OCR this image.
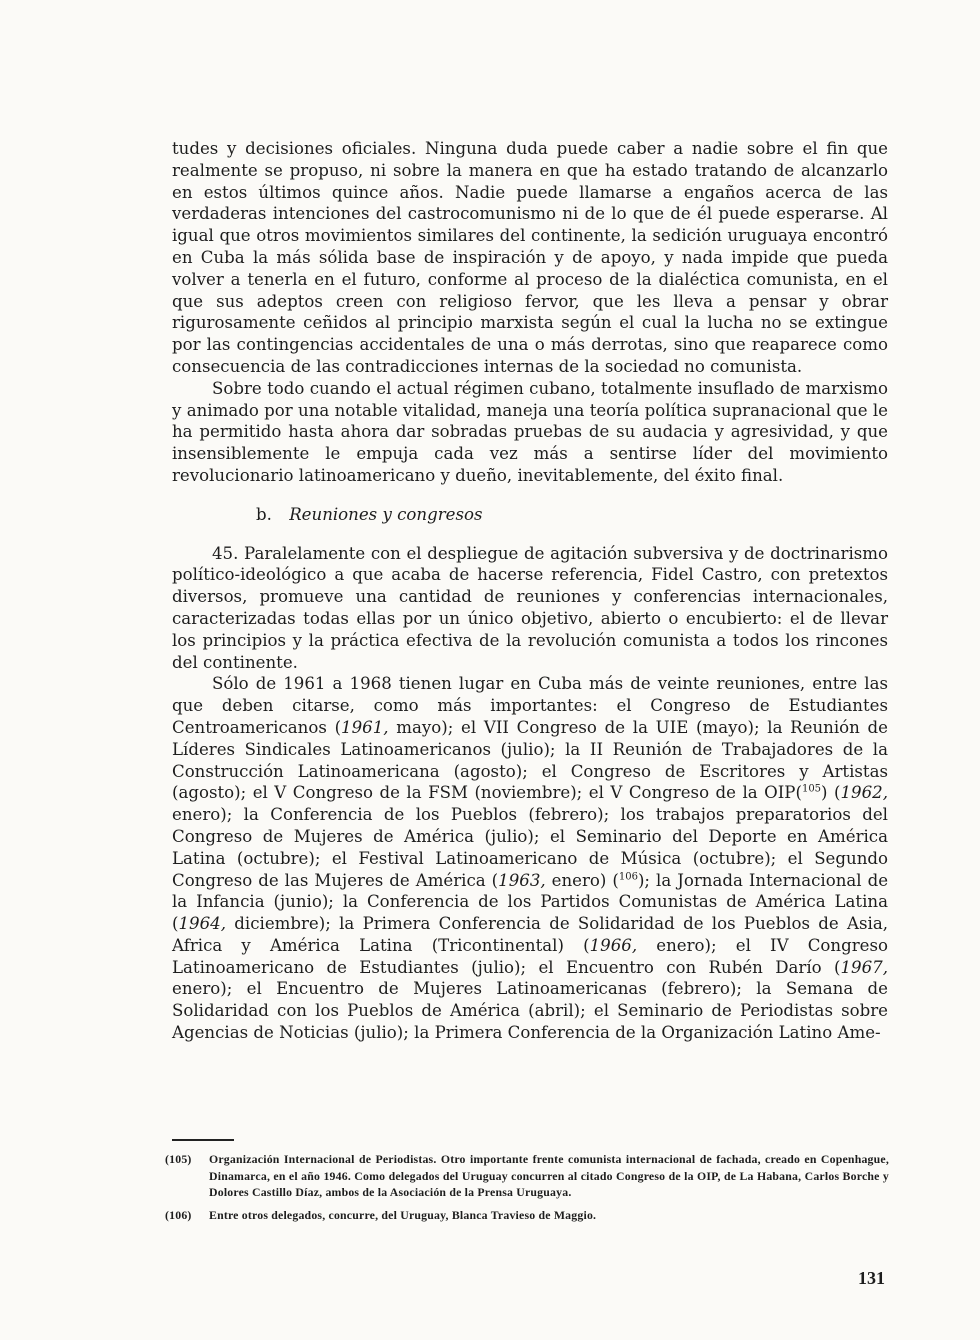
tudes y decisiones oficiales. Ninguna duda puede caber a nadie sobre el fin que realmente se propuso, ni sobre la manera en que ha estado tratando de alcanzarlo en estos últimos quince años. Nadie puede llamarse a engaños acerca de las verdaderas intenciones del castrocomunismo ni de lo que de él puede esperarse. Al igual que otros movimientos similares del continente, la sedición uruguaya encontró en Cuba la más sólida base de inspiración y de apoyo, y nada impide que pueda volver a tenerla en el futuro, conforme al proceso de la dialéctica comunista, en el que sus adeptos creen con religioso fervor, que les lleva a pensar y obrar rigurosamente ceñidos al principio marxista según el cual la lucha no se extingue por las contingencias accidentales de una o más derrotas, sino que reaparece como consecuencia de las contradicciones internas de la sociedad no comunista.

Sobre todo cuando el actual régimen cubano, totalmente insuflado de marxismo y animado por una notable vitalidad, maneja una teoría política supranacional que le ha permitido hasta ahora dar sobradas pruebas de su audacia y agresividad, y que insensiblemente le empuja cada vez más a sentirse líder del movimiento revolucionario latinoamericano y dueño, inevitablemente, del éxito final.

b. Reuniones y congresos

45. Paralelamente con el despliegue de agitación subversiva y de doctrinarismo político-ideológico a que acaba de hacerse referencia, Fidel Castro, con pretextos diversos, promueve una cantidad de reuniones y conferencias internacionales, caracterizadas todas ellas por un único objetivo, abierto o encubierto: el de llevar los principios y la práctica efectiva de la revolución comunista a todos los rincones del continente.

Sólo de 1961 a 1968 tienen lugar en Cuba más de veinte reuniones, entre las que deben citarse, como más importantes: el Congreso de Estudiantes Centroamericanos (1961, mayo); el VII Congreso de la UIE (mayo); la Reunión de Líderes Sindicales Latinoamericanos (julio); la II Reunión de Trabajadores de la Construcción Latinoamericana (agosto); el Congreso de Escritores y Artistas (agosto); el V Congreso de la FSM (noviembre); el V Congreso de la OIP($^{105}$) (1962, enero); la Conferencia de los Pueblos (febrero); los trabajos preparatorios del Congreso de Mujeres de América (julio); el Seminario del Deporte en América Latina (octubre); el Festival Latinoamericano de Música (octubre); el Segundo Congreso de las Mujeres de América (1963, enero) ($^{106}$); la Jornada Internacional de la Infancia (junio); la Conferencia de los Partidos Comunistas de América Latina (1964, diciembre); la Primera Conferencia de Solidaridad de los Pueblos de Asia, Africa y América Latina (Tricontinental) (1966, enero); el IV Congreso Latinoamericano de Estudiantes (julio); el Encuentro con Rubén Darío (1967, enero); el Encuentro de Mujeres Latinoamericanas (febrero); la Semana de Solidaridad con los Pueblos de América (abril); el Seminario de Periodistas sobre Agencias de Noticias (julio); la Primera Conferencia de la Organización Latino Ame-

(105)	Organización Internacional de Periodistas. Otro importante frente comunista internacional de fachada, creado en Copenhague, Dinamarca, en el año 1946. Como delegados del Uruguay concurren al citado Congreso de la OIP, de La Habana, Carlos Borche y Dolores Castillo Díaz, ambos de la Asociación de la Prensa Uruguaya.
(106)	Entre otros delegados, concurre, del Uruguay, Blanca Travieso de Maggio.
131
